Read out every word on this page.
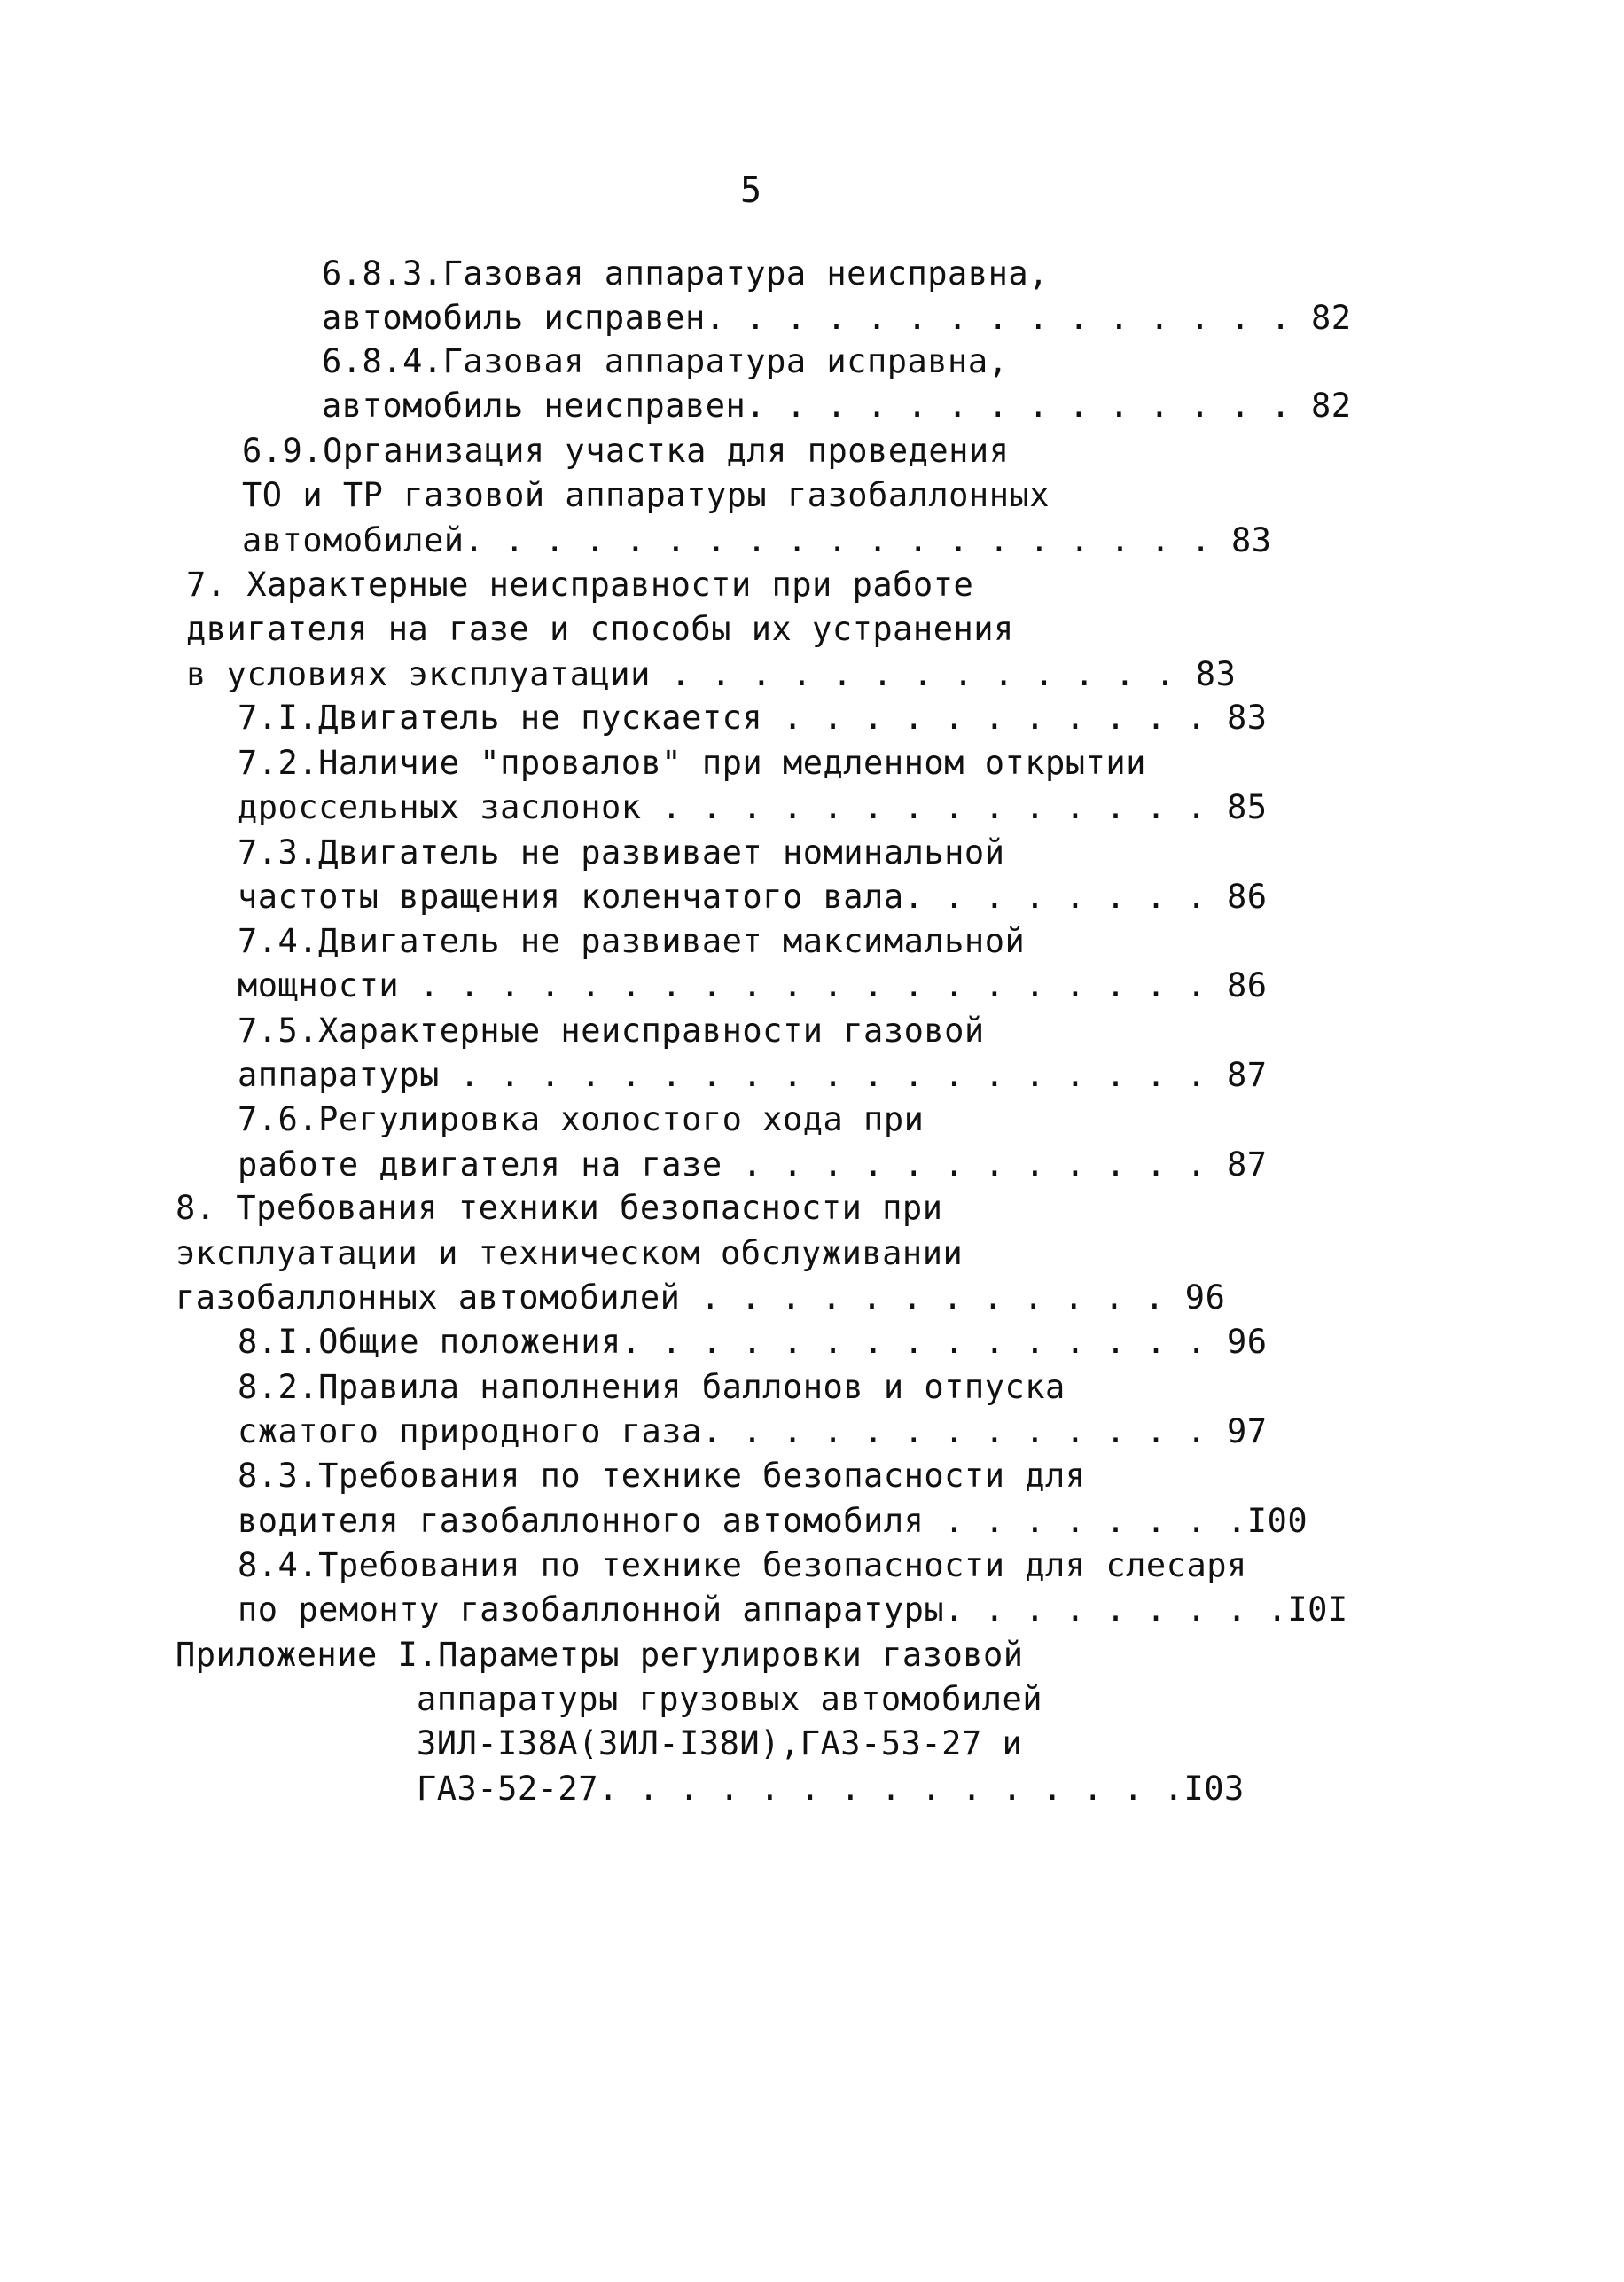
5
6.8.3.Газовая аппаратура неисправна,
автомобиль исправен. . . . . . . . . . . . . . . 82
6.8.4.Газовая аппаратура исправна,
автомобиль неисправен. . . . . . . . . . . . . . 82
6.9.Организация участка для проведения
ТО и ТР газовой аппаратуры газобаллонных
автомобилей. . . . . . . . . . . . . . . . . . . 83
7. Характерные неисправности при работе
двигателя на газе и способы их устранения
в условиях эксплуатации . . . . . . . . . . . . . 83
7.I.Двигатель не пускается . . . . . . . . . . . 83
7.2.Наличие "провалов" при медленном открытии
дроссельных заслонок . . . . . . . . . . . . . . 85
7.3.Двигатель не развивает номинальной
частоты вращения коленчатого вала. . . . . . . . 86
7.4.Двигатель не развивает максимальной
мощности . . . . . . . . . . . . . . . . . . . . 86
7.5.Характерные неисправности газовой
аппаратуры . . . . . . . . . . . . . . . . . . . 87
7.6.Регулировка холостого хода при
работе двигателя на газе . . . . . . . . . . . . 87
8. Требования техники безопасности при
эксплуатации и техническом обслуживании
газобаллонных автомобилей . . . . . . . . . . . . 96
8.I.Общие положения. . . . . . . . . . . . . . . 96
8.2.Правила наполнения баллонов и отпуска
сжатого природного газа. . . . . . . . . . . . . 97
8.3.Требования по технике безопасности для
водителя газобаллонного автомобиля . . . . . . . .I00
8.4.Требования по технике безопасности для слесаря
по ремонту газобаллонной аппаратуры. . . . . . . . .I0I
Приложение I.Параметры регулировки газовой
аппаратуры грузовых автомобилей
ЗИЛ-I38А(ЗИЛ-I38И),ГАЗ-53-27 и
ГАЗ-52-27. . . . . . . . . . . . . . .I03
